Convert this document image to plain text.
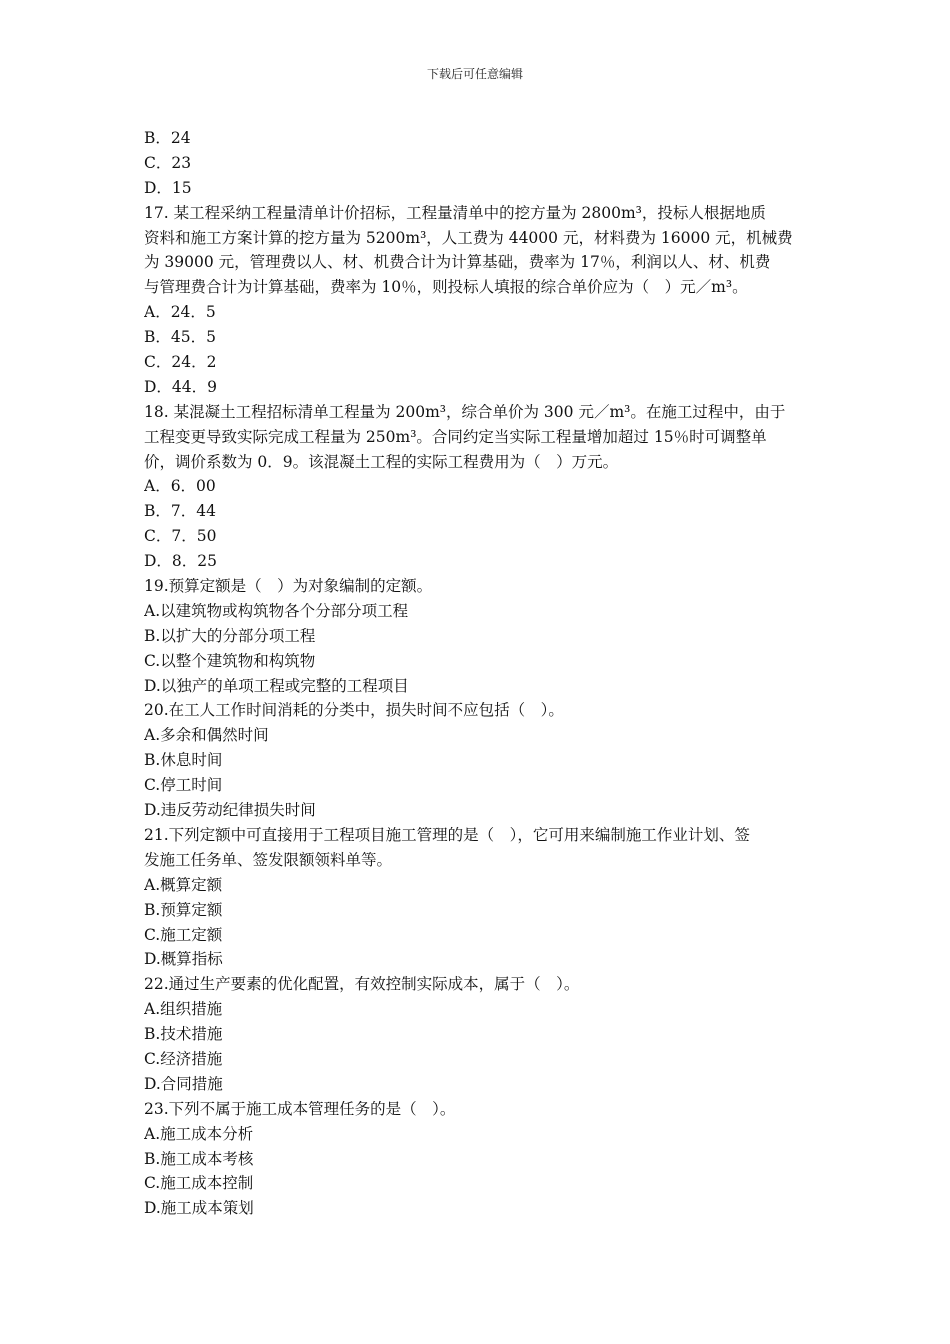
下载后可任意编辑
B．24
C．23
D．15
17. 某工程采纳工程量清单计价招标，工程量清单中的挖方量为 2800m³，投标人根据地质
资料和施工方案计算的挖方量为 5200m³，人工费为 44000 元，材料费为 16000 元，机械费
为 39000 元，管理费以人、材、机费合计为计算基础，费率为 17％，利润以人、材、机费
与管理费合计为计算基础，费率为 10％，则投标人填报的综合单价应为（　）元／m³。
A．24．5
B．45．5
C．24．2
D．44．9
18. 某混凝土工程招标清单工程量为 200m³，综合单价为 300 元／m³。在施工过程中，由于
工程变更导致实际完成工程量为 250m³。合同约定当实际工程量增加超过 15％时可调整单
价，调价系数为 0．9。该混凝土工程的实际工程费用为（　）万元。
A．6．00
B．7．44
C．7．50
D．8．25
19.预算定额是（　）为对象编制的定额。
A.以建筑物或构筑物各个分部分项工程
B.以扩大的分部分项工程
C.以整个建筑物和构筑物
D.以独产的单项工程或完整的工程项目
20.在工人工作时间消耗的分类中，损失时间不应包括（　）。
A.多余和偶然时间
B.休息时间
C.停工时间
D.违反劳动纪律损失时间
21.下列定额中可直接用于工程项目施工管理的是（　），它可用来编制施工作业计划、签
发施工任务单、签发限额领料单等。
A.概算定额
B.预算定额
C.施工定额
D.概算指标
22.通过生产要素的优化配置，有效控制实际成本，属于（　）。
A.组织措施
B.技术措施
C.经济措施
D.合同措施
23.下列不属于施工成本管理任务的是（　）。
A.施工成本分析
B.施工成本考核
C.施工成本控制
D.施工成本策划
